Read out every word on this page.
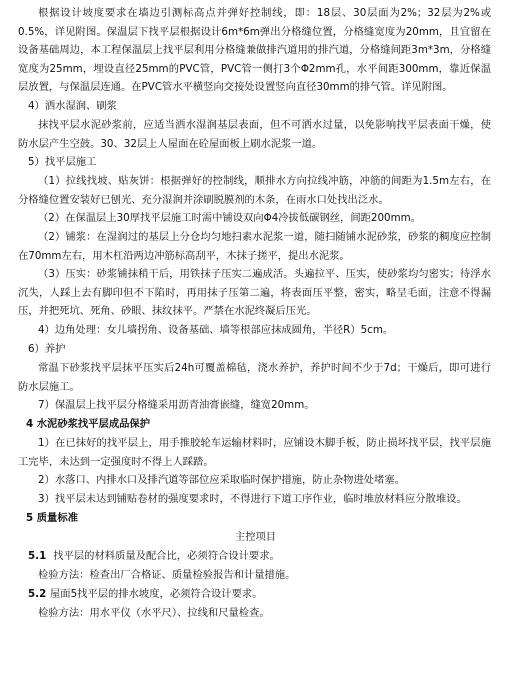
根据设计坡度要求在墙边引测标高点并弹好控制线，即：18层、30层面为2%；32层为2%或0.5%，详见附图。保温层下找平层根据设计6m*6m弹出分格缝位置，分格缝宽度为20mm，且宜留在设备基础周边，本工程保温层上找平层利用分格缝兼做排汽道用的排汽道，分格缝间距3m*3m，分格缝宽度为25mm，埋设直径25mm的PVC管，PVC管一侧打3个Φ2mm孔，水平间距300mm，靠近保温层放置，与保温层连通。在PVC管水平横竖向交接处设置竖向直径30mm的排气管。详见附图。

4）洒水湿润、刷浆

抹找平层水泥砂浆前，应适当洒水湿润基层表面，但不可洒水过量，以免影响找平层表面干燥，使防水层产生空鼓。30、32层上人屋面在砼屋面板上刷水泥浆一道。

5）找平层施工

（1）拉线找坡、贴灰饼：根据弹好的控制线，顺排水方向拉线冲筋，冲筋的间距为1.5m左右，在分格缝位置安装好已刨光、充分湿润并涂刷脱膜剂的木条，在雨水口处找出泛水。

（2）在保温层上30厚找平层施工时需中铺设双向Φ4冷拔低碳钢丝，间距200mm。

（2）铺浆：在湿润过的基层上分仓均匀地扫素水泥浆一道，随扫随铺水泥砂浆，砂浆的稠度应控制在70mm左右，用木杠沿两边冲筋标高刮平，木抹子搓平，提出水泥浆。

（3）压实：砂浆铺抹稍干后，用铁抹子压实二遍成活。头遍拉平、压实，使砂浆均匀密实；待浮水沉失，人踩上去有脚印但不下陷时，再用抹子压第二遍，将表面压平整，密实，略呈毛面，注意不得漏压，并把死坑、死角、砂眼、抹纹抹平。严禁在水泥终凝后压光。

4）边角处理：女儿墙拐角、设备基础、墙等根部应抹成圆角，半径R）5cm。

6）养护

常温下砂浆找平层抹平压实后24h可覆盖棉毡，浇水养护，养护时间不少于7d；干燥后，即可进行防水层施工。

7）保温层上找平层分格缝采用沥青油膏嵌缝，缝宽20mm。

4 水泥砂浆找平层成品保护

1）在已抹好的找平层上，用手推胶轮车运输材料时，应铺设木脚手板，防止损坏找平层，找平层施工完毕，未达到一定强度时不得上人踩踏。

2）水落口、内排水口及排汽道等部位应采取临时保护措施，防止杂物进处堵塞。

3）找平层未达到铺贴卷材的强度要求时，不得进行下道工序作业，临时堆放材料应分散堆设。

5 质量标准

主控项目

5.1 找平层的材料质量及配合比，必须符合设计要求。

检验方法：检查出厂合格证、质量检验报告和计量措施。

5.2 屋面5找平层的排水坡度，必须符合设计要求。

检验方法：用水平仪（水平尺）、拉线和尺量检查。
